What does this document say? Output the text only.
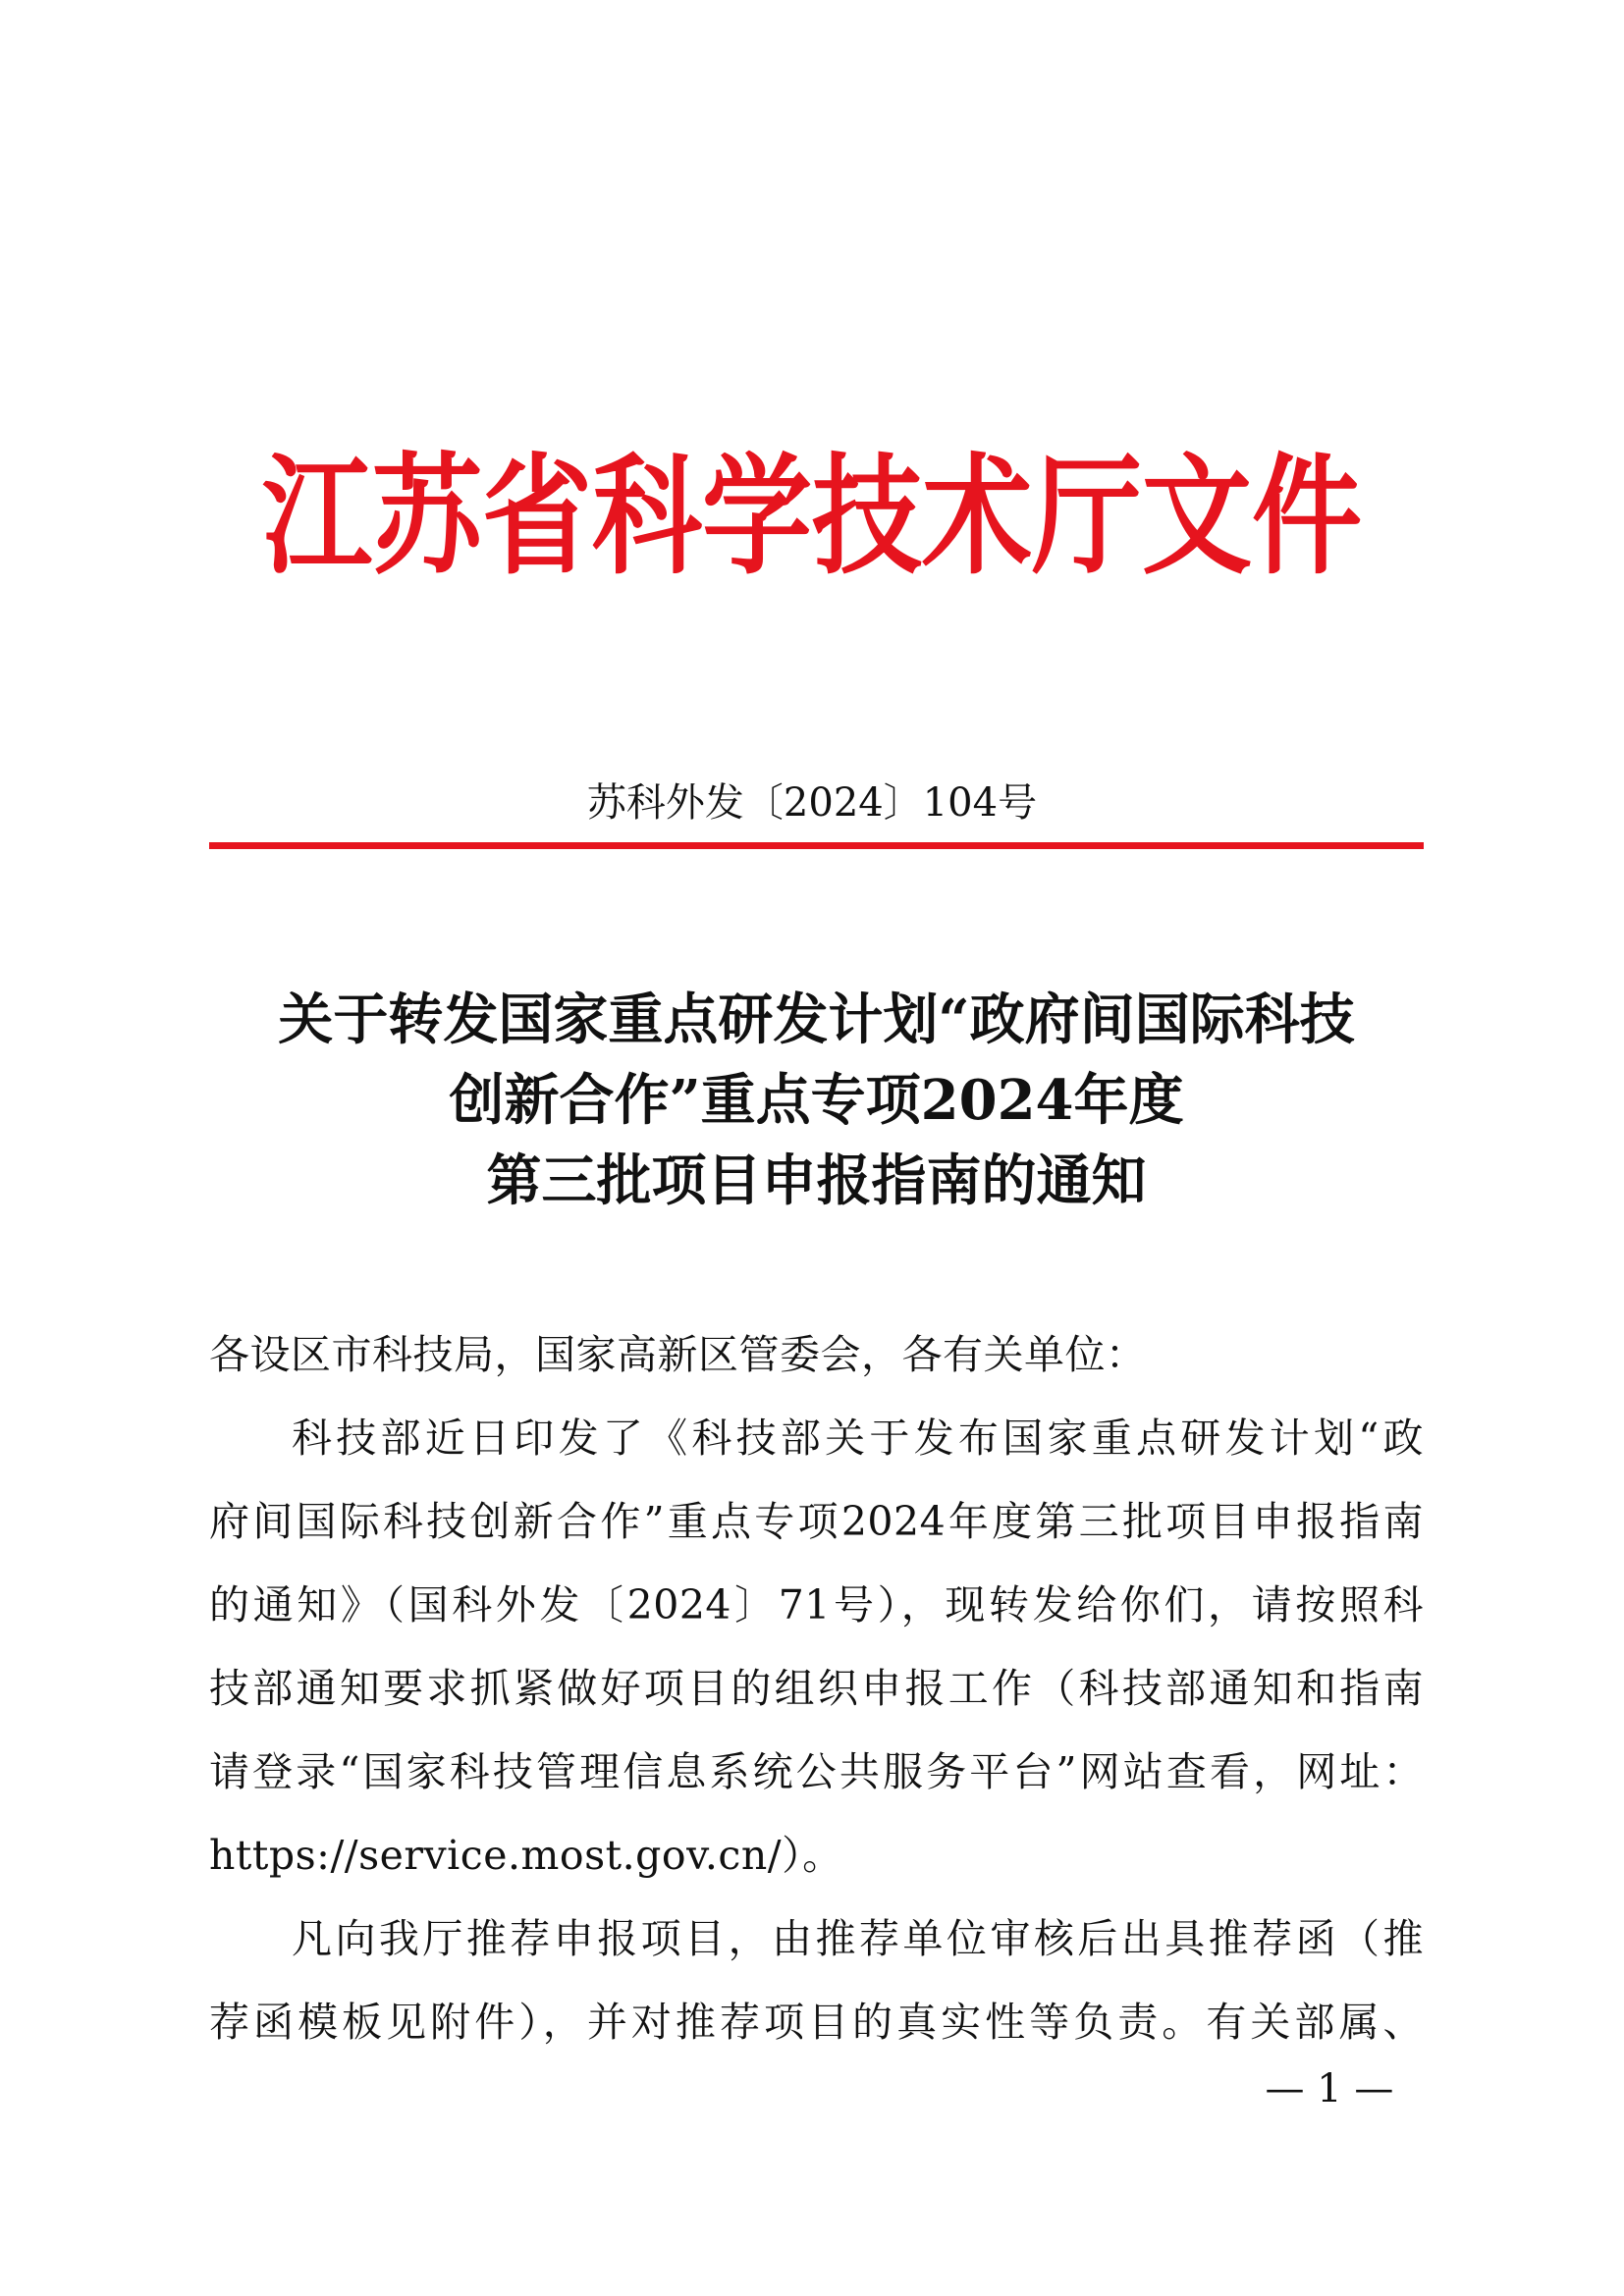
江苏省科学技术厅文件
苏科外发〔2024〕104号
关于转发国家重点研发计划“政府间国际科技
创新合作”重点专项2024年度
第三批项目申报指南的通知
各设区市科技局，国家高新区管委会，各有关单位：
科技部近日印发了《科技部关于发布国家重点研发计划“政
府间国际科技创新合作”重点专项2024年度第三批项目申报指南
的通知》（国科外发〔2024〕71号），现转发给你们，请按照科
技部通知要求抓紧做好项目的组织申报工作（科技部通知和指南
请登录“国家科技管理信息系统公共服务平台”网站查看，网址：
https://service.most.gov.cn/）。
凡向我厅推荐申报项目，由推荐单位审核后出具推荐函（推
荐函模板见附件），并对推荐项目的真实性等负责。有关部属、
— 1 —
